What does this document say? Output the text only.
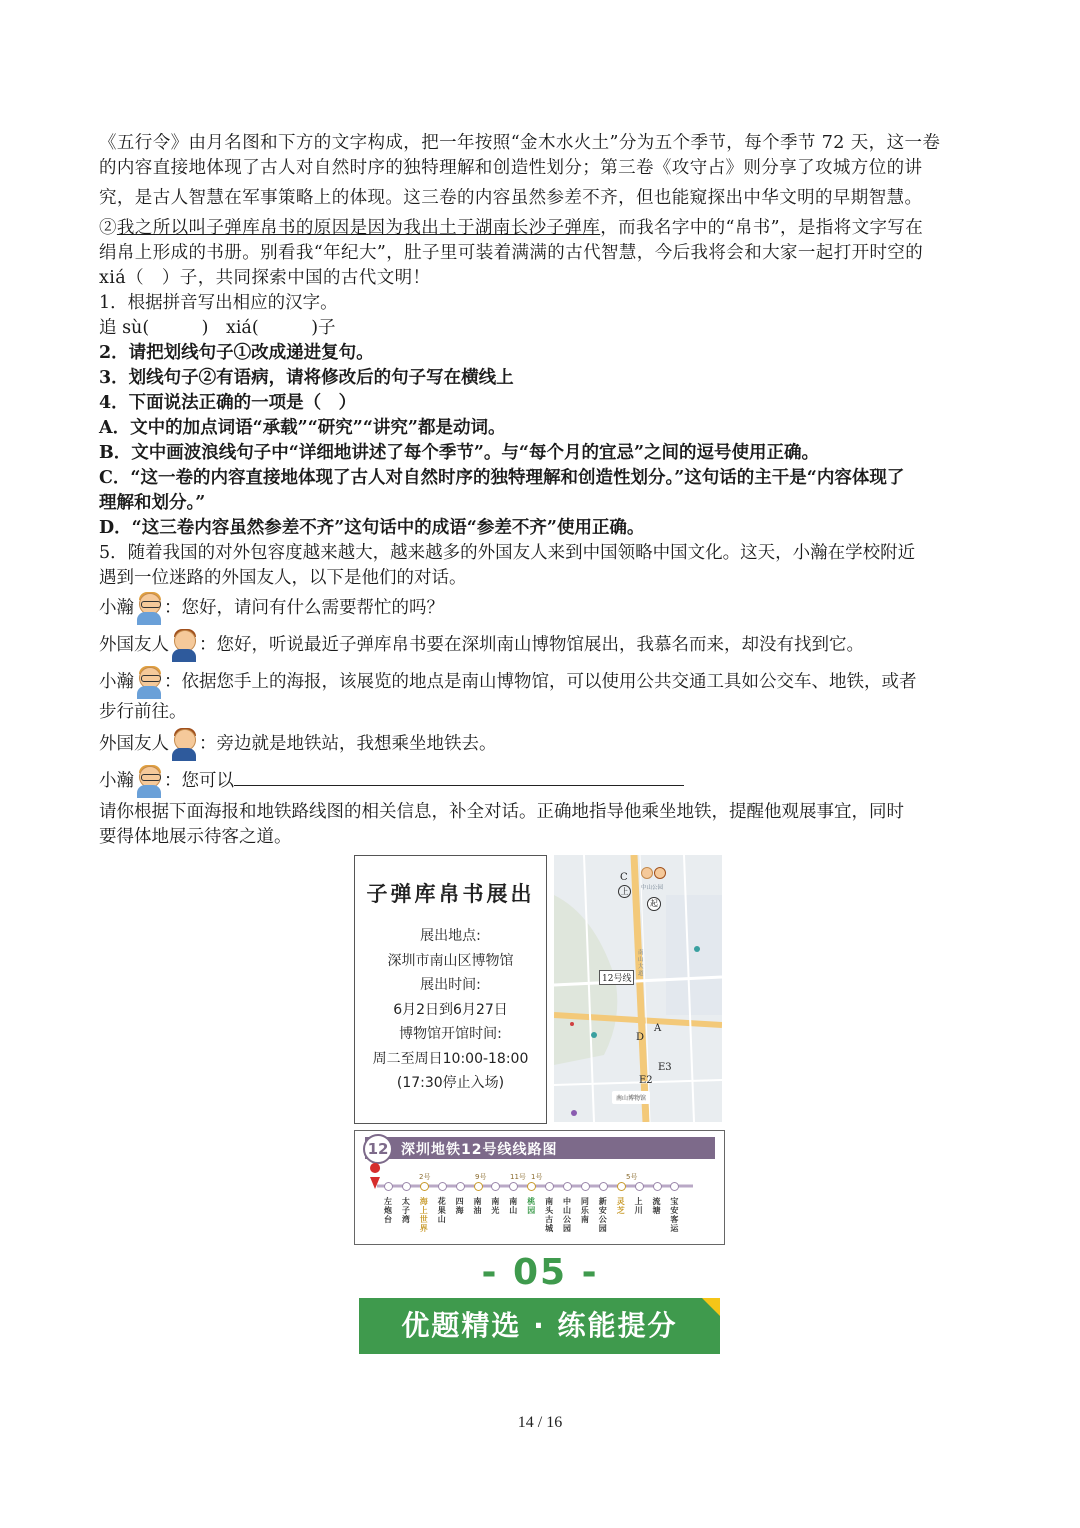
《五行令》由月名图和下方的文字构成，把一年按照“金木水火土”分为五个季节，每个季节 72 天，这一卷
的内容直接地体现了古人对自然时序的独特理解和创造性划分；第三卷《攻守占》则分享了攻城方位的讲
究，是古人智慧在军事策略上的体现。这三卷的内容虽然参差不齐，但也能窥探出中华文明的早期智慧。
②我之所以叫子弹库帛书的原因是因为我出土于湖南长沙子弹库，而我名字中的“帛书”，是指将文字写在
绢帛上形成的书册。别看我“年纪大”，肚子里可装着满满的古代智慧，今后我将会和大家一起打开时空的
xiá（　）子，共同探索中国的古代文明！
1．根据拼音写出相应的汉字。
追 sù(　　　)　xiá(　　　)子
2．请把划线句子①改成递进复句。
3．划线句子②有语病，请将修改后的句子写在横线上
4．下面说法正确的一项是（　）
A．文中的加点词语“承载”“研究”“讲究”都是动词。
B．文中画波浪线句子中“详细地讲述了每个季节”。与“每个月的宜忌”之间的逗号使用正确。
C．“这一卷的内容直接地体现了古人对自然时序的独特理解和创造性划分。”这句话的主干是“内容体现了
理解和划分。”
D．“这三卷内容虽然参差不齐”这句话中的成语“参差不齐”使用正确。
5．随着我国的对外包容度越来越大，越来越多的外国友人来到中国领略中国文化。这天，小瀚在学校附近
遇到一位迷路的外国友人，以下是他们的对话。
小瀚 ：您好，请问有什么需要帮忙的吗？
外国友人 ：您好，听说最近子弹库帛书要在深圳南山博物馆展出，我慕名而来，却没有找到它。
小瀚 ：依据您手上的海报，该展览的地点是南山博物馆，可以使用公共交通工具如公交车、地铁，或者
步行前往。
外国友人 ：旁边就是地铁站，我想乘坐地铁去。
小瀚 ：您可以
请你根据下面海报和地铁路线图的相关信息，补全对话。正确地指导他乘坐地铁，提醒他观展事宜，同时
要得体地展示待客之道。
子弹库帛书展出
展出地点:
深圳市南山区博物馆
展出时间:
6月2日到6月27日
博物馆开馆时间:
周二至周日10:00-18:00
(17:30停止入场)
C
上	中山公园
起
南山大道
12号线
A
D
E3
E2
南山博物馆
12 深圳地铁12号线线路图
左炮台
太子湾
海上世界
花果山
四海
南油
南光
南山
桃园
南头古城
中山公园
同乐南
新安公园
灵芝
上川
流塘
宝安客运
2号	9号	11号 1号	5号
- 05 -
优题精选 · 练能提分
14 / 16
